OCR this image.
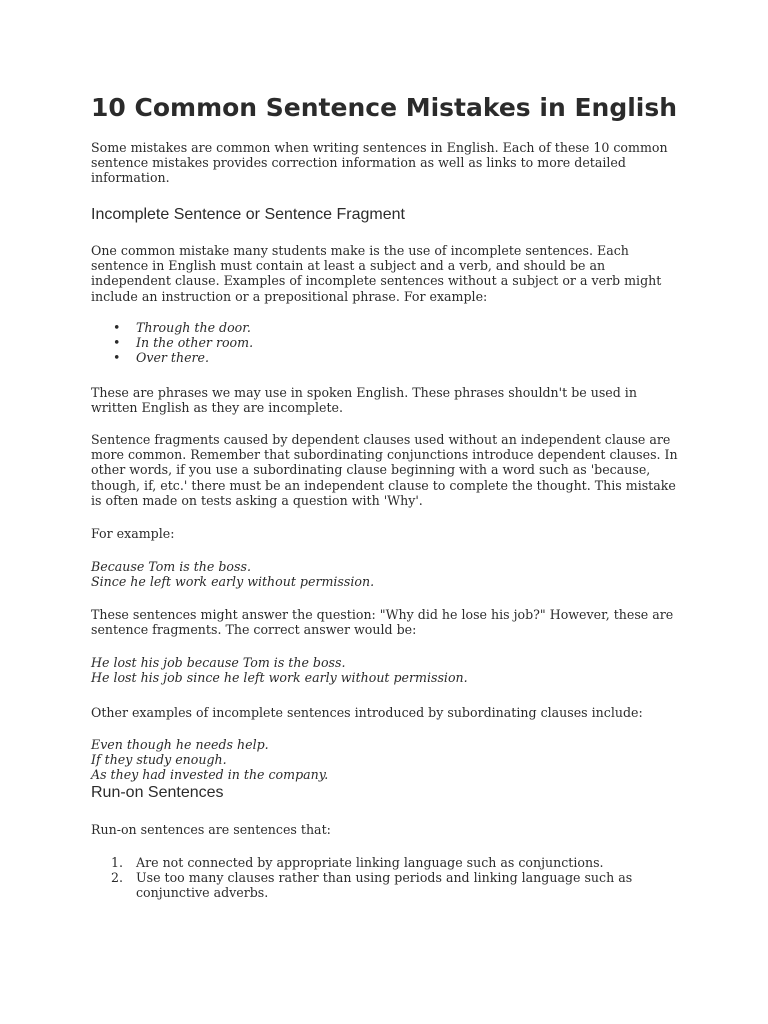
10 Common Sentence Mistakes in English

Some mistakes are common when writing sentences in English. Each of these 10 common
sentence mistakes provides correction information as well as links to more detailed
information.

Incomplete Sentence or Sentence Fragment

One common mistake many students make is the use of incomplete sentences. Each
sentence in English must contain at least a subject and a verb, and should be an
independent clause. Examples of incomplete sentences without a subject or a verb might
include an instruction or a prepositional phrase. For example:

• Through the door.
• In the other room.
• Over there.

These are phrases we may use in spoken English. These phrases shouldn't be used in
written English as they are incomplete.

Sentence fragments caused by dependent clauses used without an independent clause are
more common. Remember that subordinating conjunctions introduce dependent clauses. In
other words, if you use a subordinating clause beginning with a word such as 'because,
though, if, etc.' there must be an independent clause to complete the thought. This mistake
is often made on tests asking a question with 'Why'.

For example:

Because Tom is the boss.
Since he left work early without permission.

These sentences might answer the question: "Why did he lose his job?" However, these are
sentence fragments. The correct answer would be:

He lost his job because Tom is the boss.
He lost his job since he left work early without permission.

Other examples of incomplete sentences introduced by subordinating clauses include:

Even though he needs help.
If they study enough.
As they had invested in the company.

Run-on Sentences

Run-on sentences are sentences that:

1. Are not connected by appropriate linking language such as conjunctions.
2. Use too many clauses rather than using periods and linking language such as
conjunctive adverbs.
